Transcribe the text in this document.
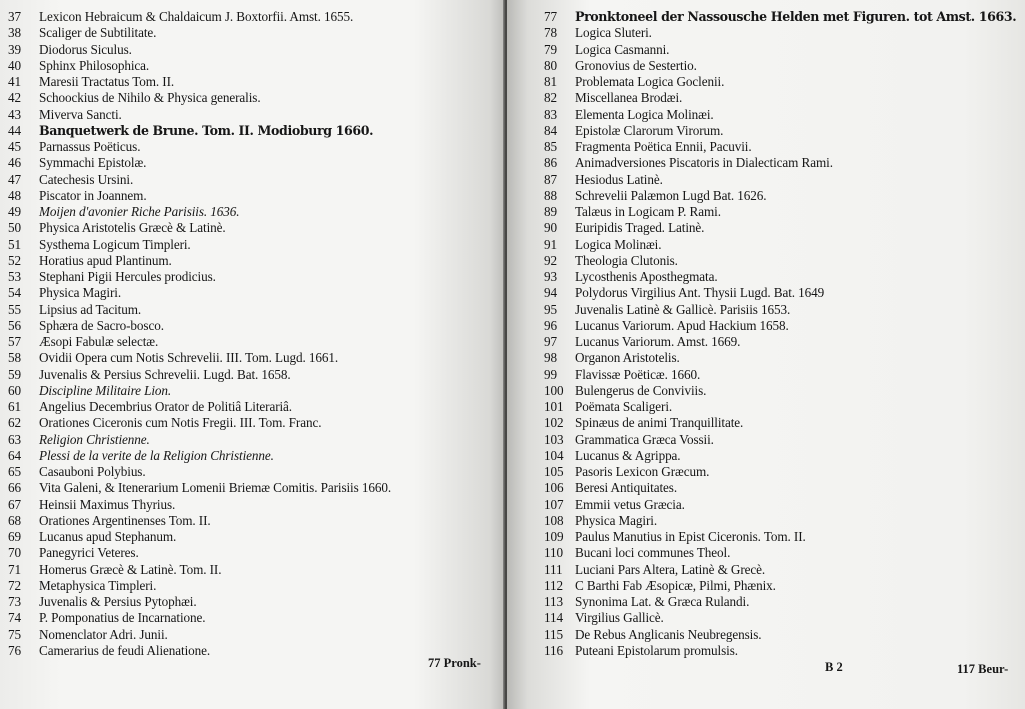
37 Lexicon Hebraicum & Chaldaicum J. Boxtorfii. Amst. 1655.
38 Scaliger de Subtilitate.
39 Diodorus Siculus.
40 Sphinx Philosophica.
41 Maresii Tractatus Tom. II.
42 Schoockius de Nihilo & Physica generalis.
43 Miverva Sancti.
44 Banquetwerk de Brune. Tom. II. Modioburg 1660.
45 Parnassus Poëticus.
46 Symmachi Epistolæ.
47 Catechesis Ursini.
48 Piscator in Joannem.
49 Moijen d'avonier Riche Parisiis. 1636.
50 Physica Aristotelis Græcè & Latinè.
51 Systhema Logicum Timpleri.
52 Horatius apud Plantinum.
53 Stephani Pigii Hercules prodicius.
54 Physica Magiri.
55 Lipsius ad Tacitum.
56 Sphæra de Sacro-bosco.
57 Æsopi Fabulæ selectæ.
58 Ovidii Opera cum Notis Schrevelii. III. Tom. Lugd. 1661.
59 Juvenalis & Persius Schrevelii. Lugd. Bat. 1658.
60 Discipline Militaire Lion.
61 Angelius Decembrius Orator de Politiâ Literariâ.
62 Orationes Ciceronis cum Notis Fregii. III. Tom. Franc.
63 Religion Christienne.
64 Plessi de la verite de la Religion Christienne.
65 Casauboni Polybius.
66 Vita Galeni, & Itenerarium Lomenii Briemæ Comitis. Parisiis 1660.
67 Heinsii Maximus Thyrius.
68 Orationes Argentinenses Tom. II.
69 Lucanus apud Stephanum.
70 Panegyrici Veteres.
71 Homerus Græcè & Latinè. Tom. II.
72 Metaphysica Timpleri.
73 Juvenalis & Persius Pytophæi.
74 P. Pomponatius de Incarnatione.
75 Nomenclator Adri. Junii.
76 Camerarius de feudi Alienatione.
77 Pronk-
77 Pronktoneel der Nassousche Helden met Figuren. tot Amst. 1663.
78 Logica Sluteri.
79 Logica Casmanni.
80 Gronovius de Sestertio.
81 Problemata Logica Goclenii.
82 Miscellanea Brodæi.
83 Elementa Logica Molinæi.
84 Epistolæ Clarorum Virorum.
85 Fragmenta Poëtica Ennii, Pacuvii.
86 Animadversiones Piscatoris in Dialecticam Rami.
87 Hesiodus Latinè.
88 Schrevelii Palæmon Lugd Bat. 1626.
89 Talæus in Logicam P. Rami.
90 Euripidis Traged. Latinè.
91 Logica Molinæi.
92 Theologia Clutonis.
93 Lycosthenis Aposthegmata.
94 Polydorus Virgilius Ant. Thysii Lugd. Bat. 1649
95 Juvenalis Latinè & Gallicè. Parisiis 1653.
96 Lucanus Variorum. Apud Hackium 1658.
97 Lucanus Variorum. Amst. 1669.
98 Organon Aristotelis.
99 Flavissæ Poëticæ. 1660.
100 Bulengerus de Conviviis.
101 Poëmata Scaligeri.
102 Spinæus de animi Tranquillitate.
103 Grammatica Græca Vossii.
104 Lucanus & Agrippa.
105 Pasoris Lexicon Græcum.
106 Beresi Antiquitates.
107 Emmii vetus Græcia.
108 Physica Magiri.
109 Paulus Manutius in Epist Ciceronis. Tom. II.
110 Bucani loci communes Theol.
111 Luciani Pars Altera, Latinè & Grecè.
112 C Barthi Fab Æsopicæ, Pilmi, Phænix.
113 Synonima Lat. & Græca Rulandi.
114 Virgilius Gallicè.
115 De Rebus Anglicanis Neubregensis.
116 Puteani Epistolarum promulsis.
B 2	117 Beur-
